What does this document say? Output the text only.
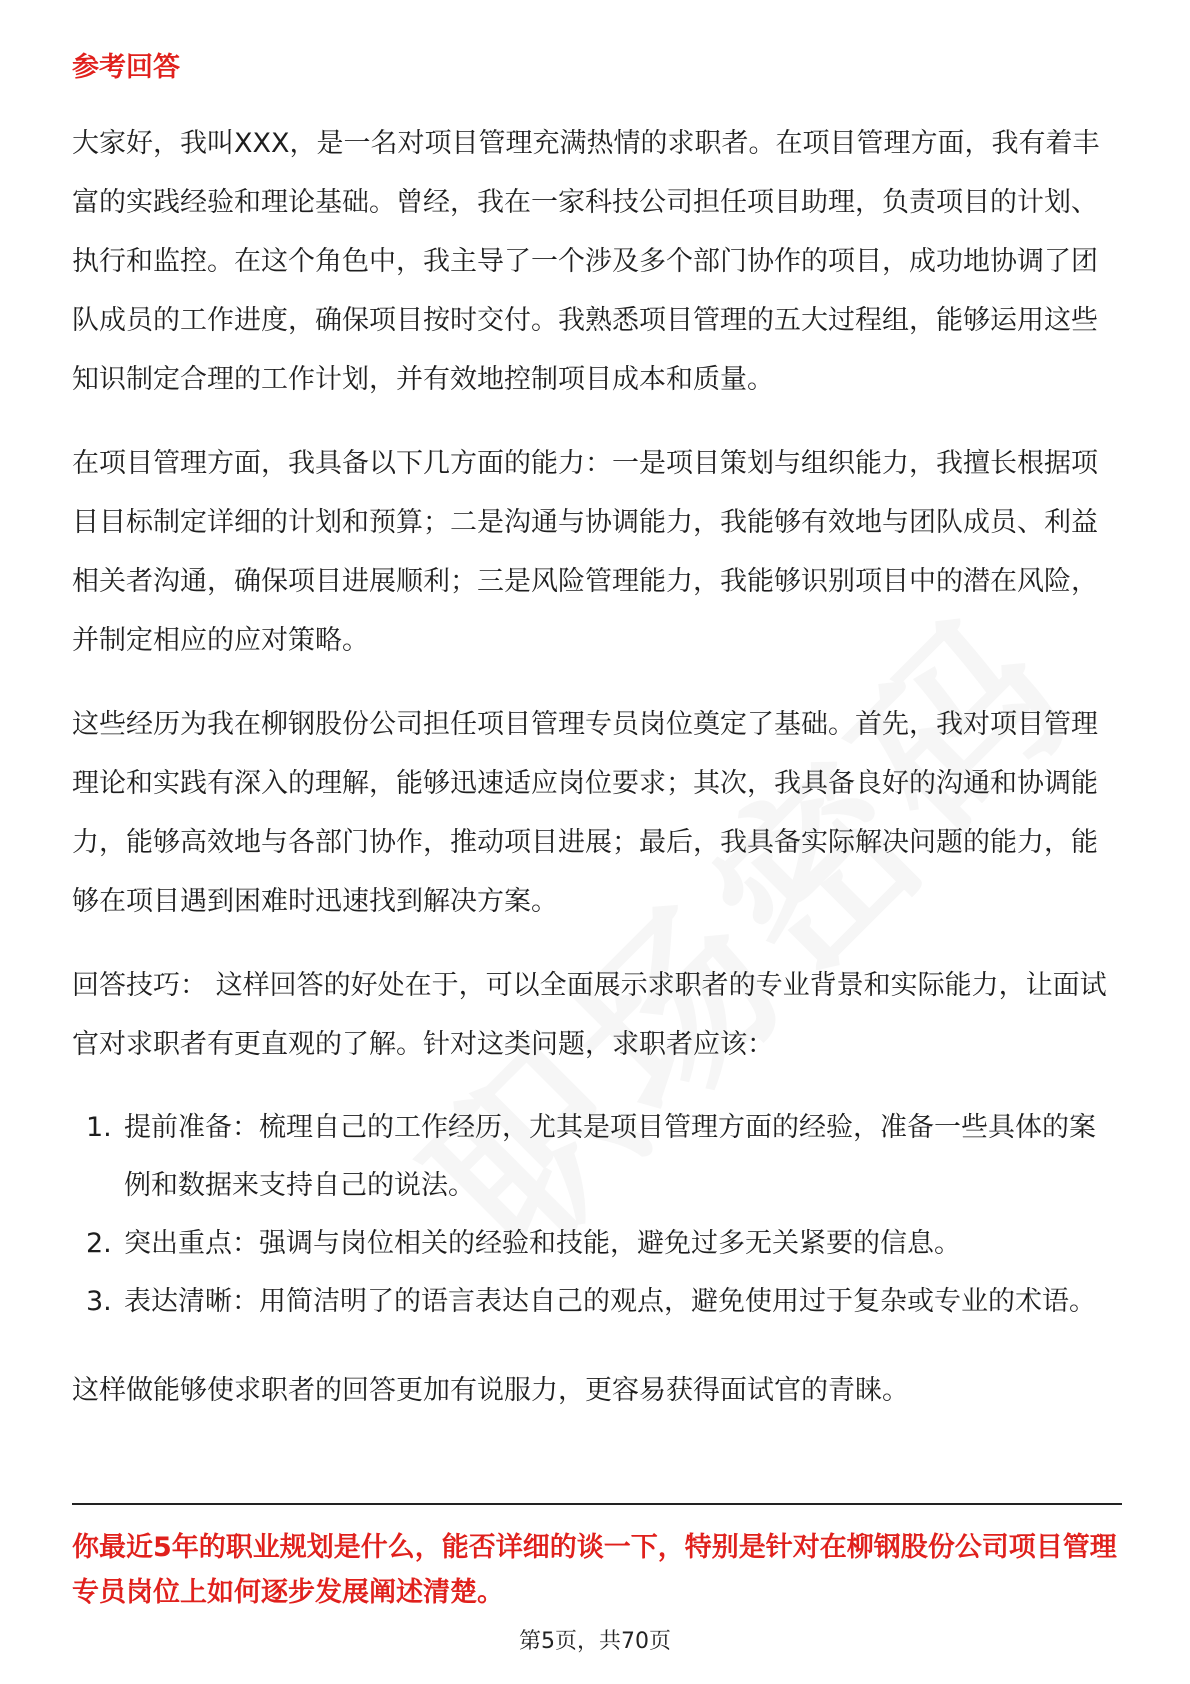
参考回答

大家好，我叫XXX，是一名对项目管理充满热情的求职者。在项目管理方面，我有着丰富的实践经验和理论基础。曾经，我在一家科技公司担任项目助理，负责项目的计划、执行和监控。在这个角色中，我主导了一个涉及多个部门协作的项目，成功地协调了团队成员的工作进度，确保项目按时交付。我熟悉项目管理的五大过程组，能够运用这些知识制定合理的工作计划，并有效地控制项目成本和质量。

在项目管理方面，我具备以下几方面的能力：一是项目策划与组织能力，我擅长根据项目目标制定详细的计划和预算；二是沟通与协调能力，我能够有效地与团队成员、利益相关者沟通，确保项目进展顺利；三是风险管理能力，我能够识别项目中的潜在风险，并制定相应的应对策略。

这些经历为我在柳钢股份公司担任项目管理专员岗位奠定了基础。首先，我对项目管理理论和实践有深入的理解，能够迅速适应岗位要求；其次，我具备良好的沟通和协调能力，能够高效地与各部门协作，推动项目进展；最后，我具备实际解决问题的能力，能够在项目遇到困难时迅速找到解决方案。

回答技巧： 这样回答的好处在于，可以全面展示求职者的专业背景和实际能力，让面试官对求职者有更直观的了解。针对这类问题，求职者应该：

1. 提前准备：梳理自己的工作经历，尤其是项目管理方面的经验，准备一些具体的案例和数据来支持自己的说法。
2. 突出重点：强调与岗位相关的经验和技能，避免过多无关紧要的信息。
3. 表达清晰：用简洁明了的语言表达自己的观点，避免使用过于复杂或专业的术语。

这样做能够使求职者的回答更加有说服力，更容易获得面试官的青睐。

你最近5年的职业规划是什么，能否详细的谈一下，特别是针对在柳钢股份公司项目管理专员岗位上如何逐步发展阐述清楚。
第5页，共70页
